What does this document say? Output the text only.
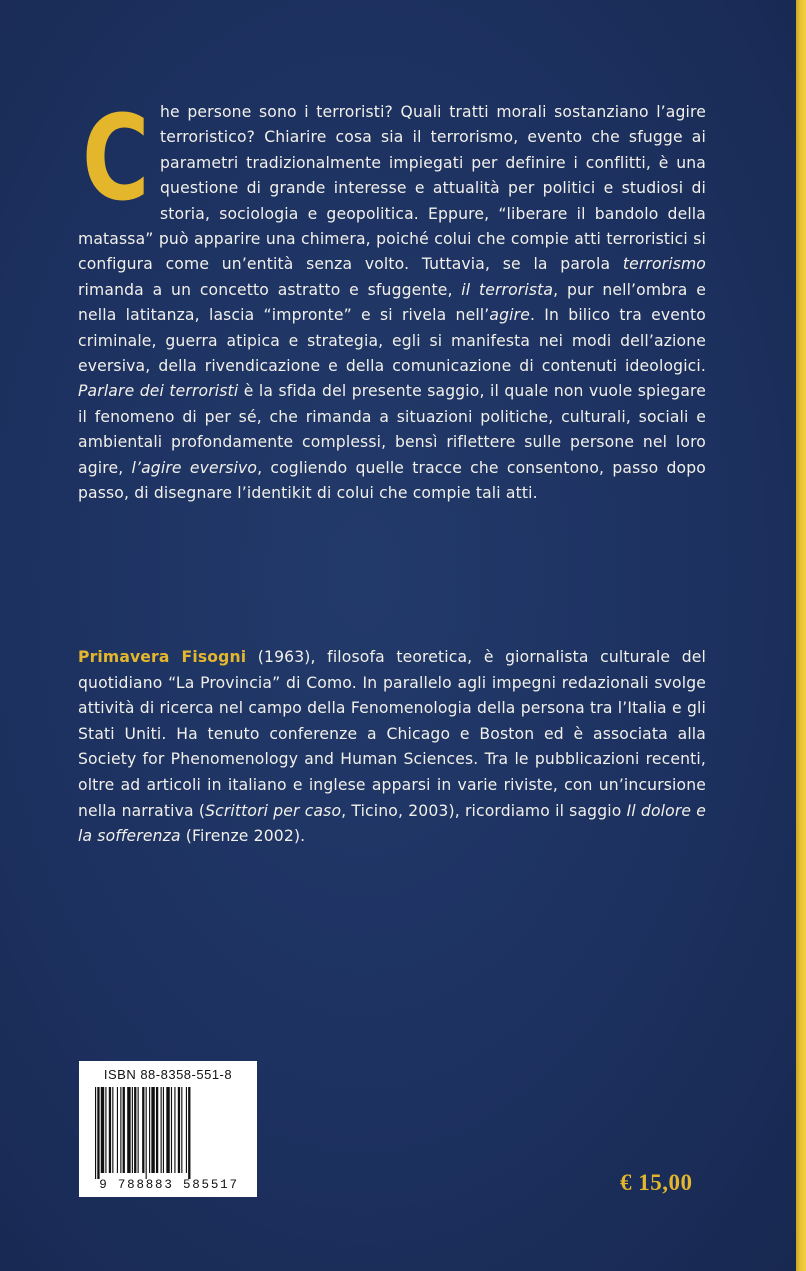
Che persone sono i terroristi? Quali tratti morali sostanziano l’agire terroristico? Chiarire cosa sia il terrorismo, evento che sfugge ai parametri tradizionalmente impiegati per definire i conflitti, è una questione di grande interesse e attualità per politici e studiosi di storia, sociologia e geopolitica. Eppure, “liberare il bandolo della matassa” può apparire una chimera, poiché colui che compie atti terroristici si configura come un’entità senza volto. Tuttavia, se la parola terrorismo rimanda a un concetto astratto e sfuggente, il terrorista, pur nell’ombra e nella latitanza, lascia “impronte” e si rivela nell’agire. In bilico tra evento criminale, guerra atipica e strategia, egli si manifesta nei modi dell’azione eversiva, della rivendicazione e della comunicazione di contenuti ideologici. Parlare dei terroristi è la sfida del presente saggio, il quale non vuole spiegare il fenomeno di per sé, che rimanda a situazioni politiche, culturali, sociali e ambientali profondamente complessi, bensì riflettere sulle persone nel loro agire, l’agire eversivo, cogliendo quelle tracce che consentono, passo dopo passo, di disegnare l’identikit di colui che compie tali atti.
Primavera Fisogni (1963), filosofa teoretica, è giornalista culturale del quotidiano “La Provincia” di Como. In parallelo agli impegni redazionali svolge attività di ricerca nel campo della Fenomenologia della persona tra l’Italia e gli Stati Uniti. Ha tenuto conferenze a Chicago e Boston ed è associata alla Society for Phenomenology and Human Sciences. Tra le pubblicazioni recenti, oltre ad articoli in italiano e inglese apparsi in varie riviste, con un’incursione nella narrativa (Scrittori per caso, Ticino, 2003), ricordiamo il saggio Il dolore e la sofferenza (Firenze 2002).
ISBN 88-8358-551-8
9 788883 585517	€ 15,00
